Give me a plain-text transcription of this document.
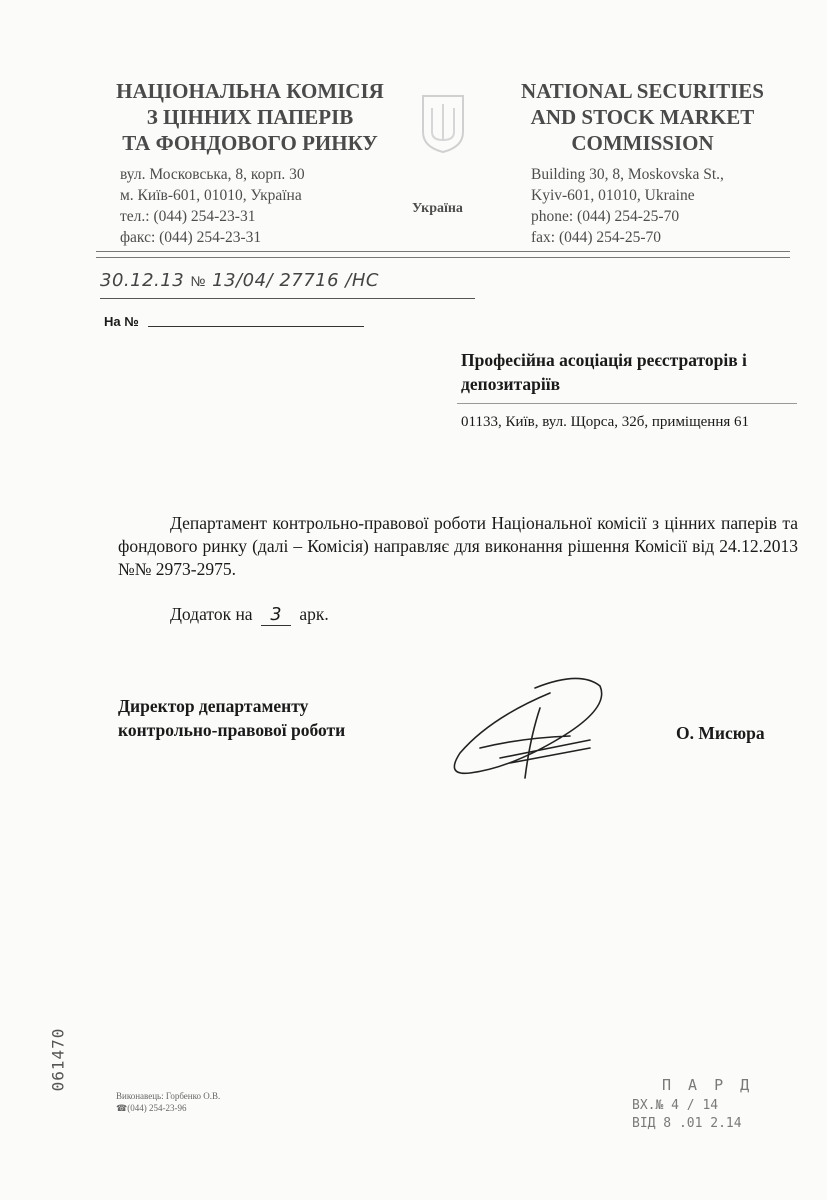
НАЦІОНАЛЬНА КОМІСІЯ
З ЦІННИХ ПАПЕРІВ
ТА ФОНДОВОГО РИНКУ
вул. Московська, 8, корп. 30
м. Київ-601, 01010, Україна
тел.: (044) 254-23-31
факс: (044) 254-23-31
Україна
NATIONAL SECURITIES
AND STOCK MARKET
COMMISSION
Building 30, 8, Moskovska St.,
Kyiv-601, 01010, Ukraine
phone: (044) 254-25-70
fax: (044) 254-25-70
30.12.13 № 13/04/ 27716 /НС
На №
Професійна асоціація реєстраторів і депозитаріїв
01133, Київ, вул. Щорса, 32б, приміщення 61
Департамент контрольно-правової роботи Національної комісії з цінних паперів та фондового ринку (далі – Комісія) направляє для виконання рішення Комісії від 24.12.2013 №№ 2973-2975.
Додаток на 3 арк.
Директор департаменту
контрольно-правової роботи	О. Мисюра
061470
Виконавець: Горбенко О.В.
☎(044) 254-23-96
П А Р Д
ВХ.№ 4 / 14
ВІД 8 .01 2.14
